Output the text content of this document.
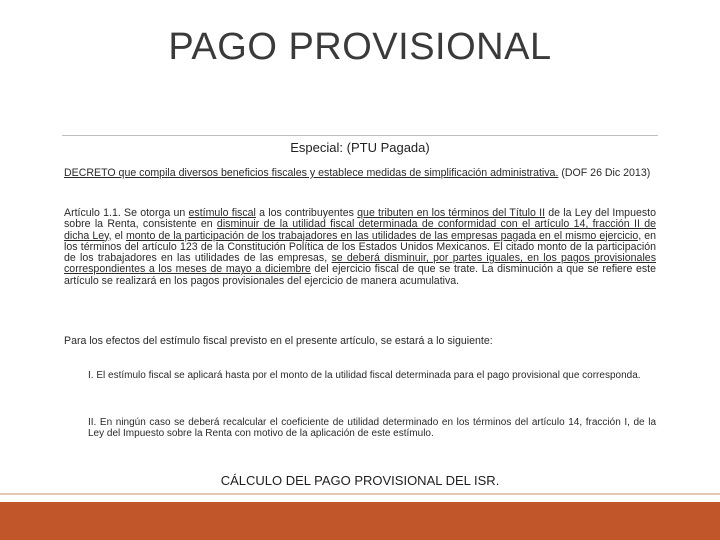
PAGO PROVISIONAL
Especial: (PTU Pagada)
DECRETO que compila diversos beneficios fiscales y establece medidas de simplificación administrativa. (DOF 26 Dic 2013)
Artículo 1.1. Se otorga un estímulo fiscal a los contribuyentes que tributen en los términos del Título II de la Ley del Impuesto sobre la Renta, consistente en disminuir de la utilidad fiscal determinada de conformidad con el artículo 14, fracción II de dicha Ley, el monto de la participación de los trabajadores en las utilidades de las empresas pagada en el mismo ejercicio, en los términos del artículo 123 de la Constitución Política de los Estados Unidos Mexicanos. El citado monto de la participación de los trabajadores en las utilidades de las empresas, se deberá disminuir, por partes iguales, en los pagos provisionales correspondientes a los meses de mayo a diciembre del ejercicio fiscal de que se trate. La disminución a que se refiere este artículo se realizará en los pagos provisionales del ejercicio de manera acumulativa.
Para los efectos del estímulo fiscal previsto en el presente artículo, se estará a lo siguiente:
I. El estímulo fiscal se aplicará hasta por el monto de la utilidad fiscal determinada para el pago provisional que corresponda.
II. En ningún caso se deberá recalcular el coeficiente de utilidad determinado en los términos del artículo 14, fracción I, de la Ley del Impuesto sobre la Renta con motivo de la aplicación de este estímulo.
CÁLCULO DEL PAGO PROVISIONAL DEL ISR.
